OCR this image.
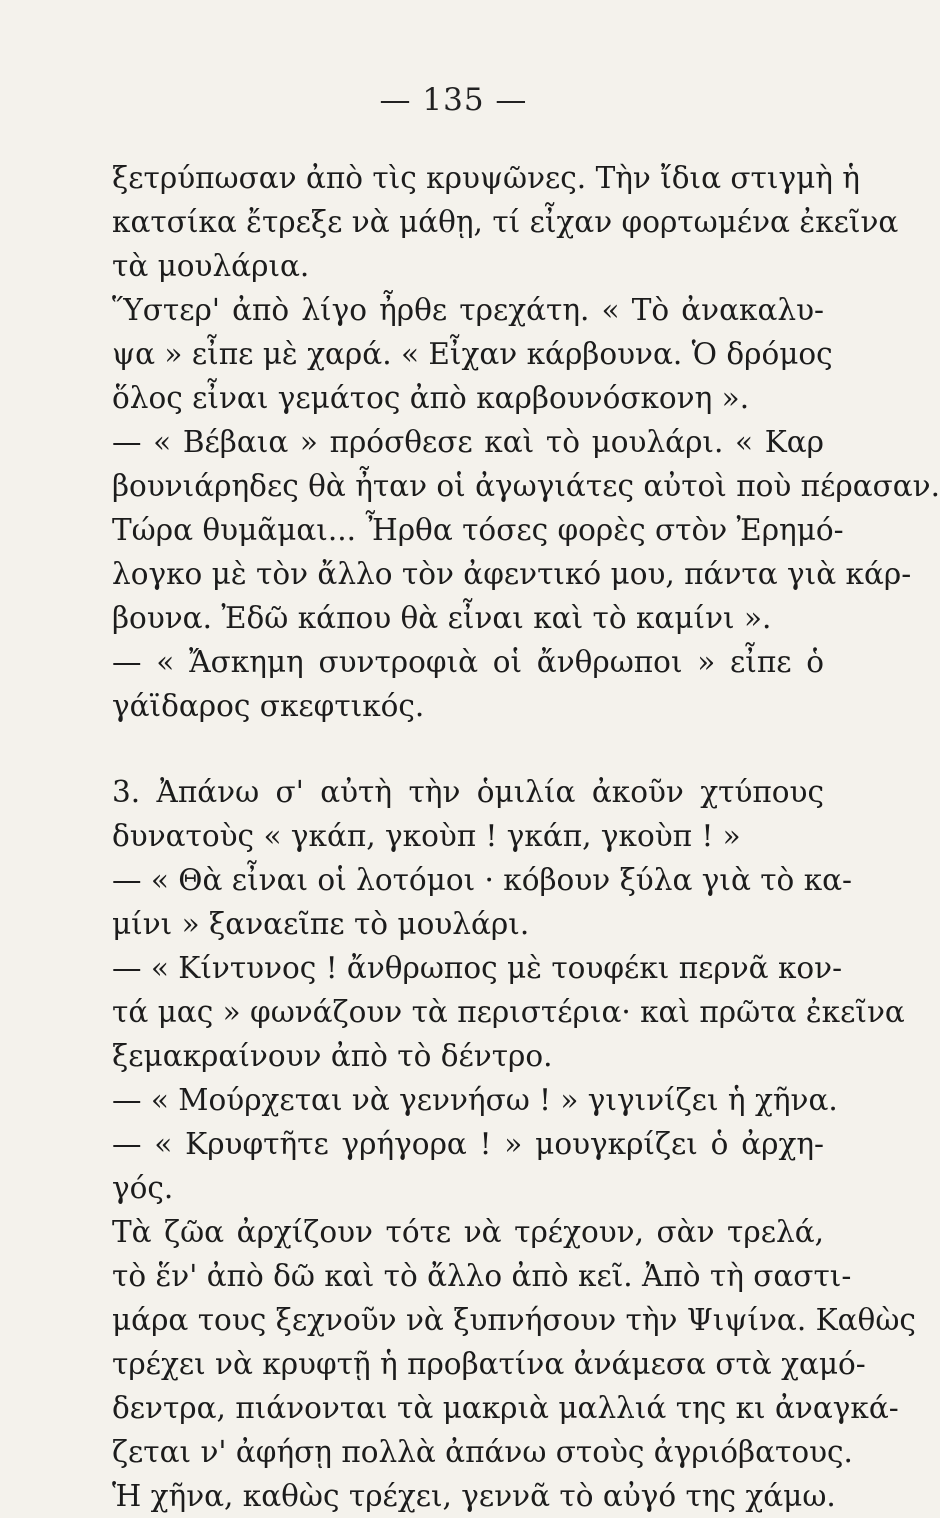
— 135 —
ξετρύπωσαν ἀπὸ τὶς κρυψῶνες. Τὴν ἴδια στιγμὴ ἡ
κατσίκα ἔτρεξε νὰ μάθῃ, τί εἶχαν φορτωμένα ἐκεῖνα
τὰ μουλάρια.
Ὕστερ' ἀπὸ λίγο ἦρθε τρεχάτη. « Τὸ ἀνακαλυ-
ψα » εἶπε μὲ χαρά. « Εἶχαν κάρβουνα. Ὁ δρόμος
ὅλος εἶναι γεμάτος ἀπὸ καρβουνόσκονη ».
— « Βέβαια » πρόσθεσε καὶ τὸ μουλάρι. « Καρ
βουνιάρηδες θὰ ἦταν οἱ ἀγωγιάτες αὐτοὶ ποὺ πέρασαν.
Τώρα θυμᾶμαι... Ἦρθα τόσες φορὲς στὸν Ἐρημό-
λογκο μὲ τὸν ἄλλο τὸν ἀφεντικό μου, πάντα γιὰ κάρ-
βουνα. Ἐδῶ κάπου θὰ εἶναι καὶ τὸ καμίνι ».
— « Ἄσκημη συντροφιὰ οἱ ἄνθρωποι » εἶπε ὁ
γάϊδαρος σκεφτικός.
3. Ἀπάνω σ' αὐτὴ τὴν ὁμιλία ἀκοῦν χτύπους
δυνατοὺς « γκάπ, γκοὺπ ! γκάπ, γκοὺπ ! »
— « Θὰ εἶναι οἱ λοτόμοι · κόβουν ξύλα γιὰ τὸ κα-
μίνι » ξαναεῖπε τὸ μουλάρι.
— « Κίντυνος ! ἄνθρωπος μὲ τουφέκι περνᾶ κον-
τά μας » φωνάζουν τὰ περιστέρια· καὶ πρῶτα ἐκεῖνα
ξεμακραίνουν ἀπὸ τὸ δέντρο.
— « Μούρχεται νὰ γεννήσω ! » γιγινίζει ἡ χῆνα.
— « Κρυφτῆτε γρήγορα ! » μουγκρίζει ὁ ἀρχη-
γός.
Τὰ ζῶα ἀρχίζουν τότε νὰ τρέχουν, σὰν τρελά,
τὸ ἕν' ἀπὸ δῶ καὶ τὸ ἄλλο ἀπὸ κεῖ. Ἀπὸ τὴ σαστι-
μάρα τους ξεχνοῦν νὰ ξυπνήσουν τὴν Ψιψίνα. Καθὼς
τρέχει νὰ κρυφτῇ ἡ προβατίνα ἀνάμεσα στὰ χαμό-
δεντρα, πιάνονται τὰ μακριὰ μαλλιά της κι ἀναγκά-
ζεται ν' ἀφήσῃ πολλὰ ἀπάνω στοὺς ἀγριόβατους.
Ἡ χῆνα, καθὼς τρέχει, γεννᾶ τὸ αὐγό της χάμω.
